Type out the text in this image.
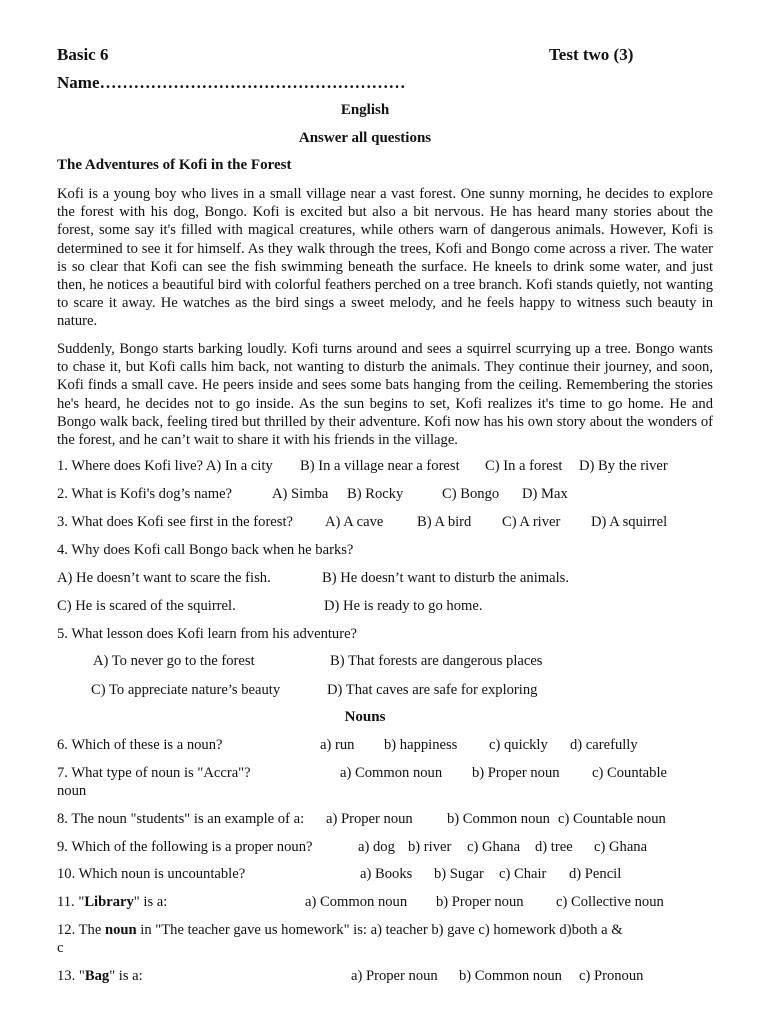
Basic 6	Test two (3)
Name………………………………………………
English
Answer all questions
The Adventures of Kofi in the Forest

Kofi is a young boy who lives in a small village near a vast forest. One sunny morning, he decides to explore the forest with his dog, Bongo. Kofi is excited but also a bit nervous. He has heard many stories about the forest, some say it's filled with magical creatures, while others warn of dangerous animals. However, Kofi is determined to see it for himself. As they walk through the trees, Kofi and Bongo come across a river. The water is so clear that Kofi can see the fish swimming beneath the surface. He kneels to drink some water, and just then, he notices a beautiful bird with colorful feathers perched on a tree branch. Kofi stands quietly, not wanting to scare it away. He watches as the bird sings a sweet melody, and he feels happy to witness such beauty in nature.

Suddenly, Bongo starts barking loudly. Kofi turns around and sees a squirrel scurrying up a tree. Bongo wants to chase it, but Kofi calls him back, not wanting to disturb the animals. They continue their journey, and soon, Kofi finds a small cave. He peers inside and sees some bats hanging from the ceiling. Remembering the stories he's heard, he decides not to go inside. As the sun begins to set, Kofi realizes it's time to go home. He and Bongo walk back, feeling tired but thrilled by their adventure. Kofi now has his own story about the wonders of the forest, and he can’t wait to share it with his friends in the village.

1. Where does Kofi live? A) In a city B) In a village near a forest C) In a forest D) By the river
2. What is Kofi's dog’s name?	A) Simba B) Rocky	C) Bongo D) Max
3. What does Kofi see first in the forest? A) A cave B) A bird C) A river D) A squirrel
4. Why does Kofi call Bongo back when he barks?
A) He doesn’t want to scare the fish.	B) He doesn’t want to disturb the animals.
C) He is scared of the squirrel.	D) He is ready to go home.
5. What lesson does Kofi learn from his adventure?
A) To never go to the forest	B) That forests are dangerous places
C) To appreciate nature’s beauty	D) That caves are safe for exploring
Nouns
6. Which of these is a noun?	a) run b) happiness c) quickly d) carefully
7. What type of noun is "Accra"?	a) Common noun b) Proper noun c) Countable
noun
8. The noun "students" is an example of a: a) Proper noun b) Common noun c) Countable noun
9. Which of the following is a proper noun?	a) dog b) river c) Ghana d) tree c) Ghana
10. Which noun is uncountable?	a) Books b) Sugar c) Chair d) Pencil
11. "Library" is a:	a) Common noun b) Proper noun c) Collective noun
12. The noun in "The teacher gave us homework" is: a) teacher b) gave c) homework d)both a &
c
13. "Bag" is a:	a) Proper noun b) Common noun c) Pronoun
